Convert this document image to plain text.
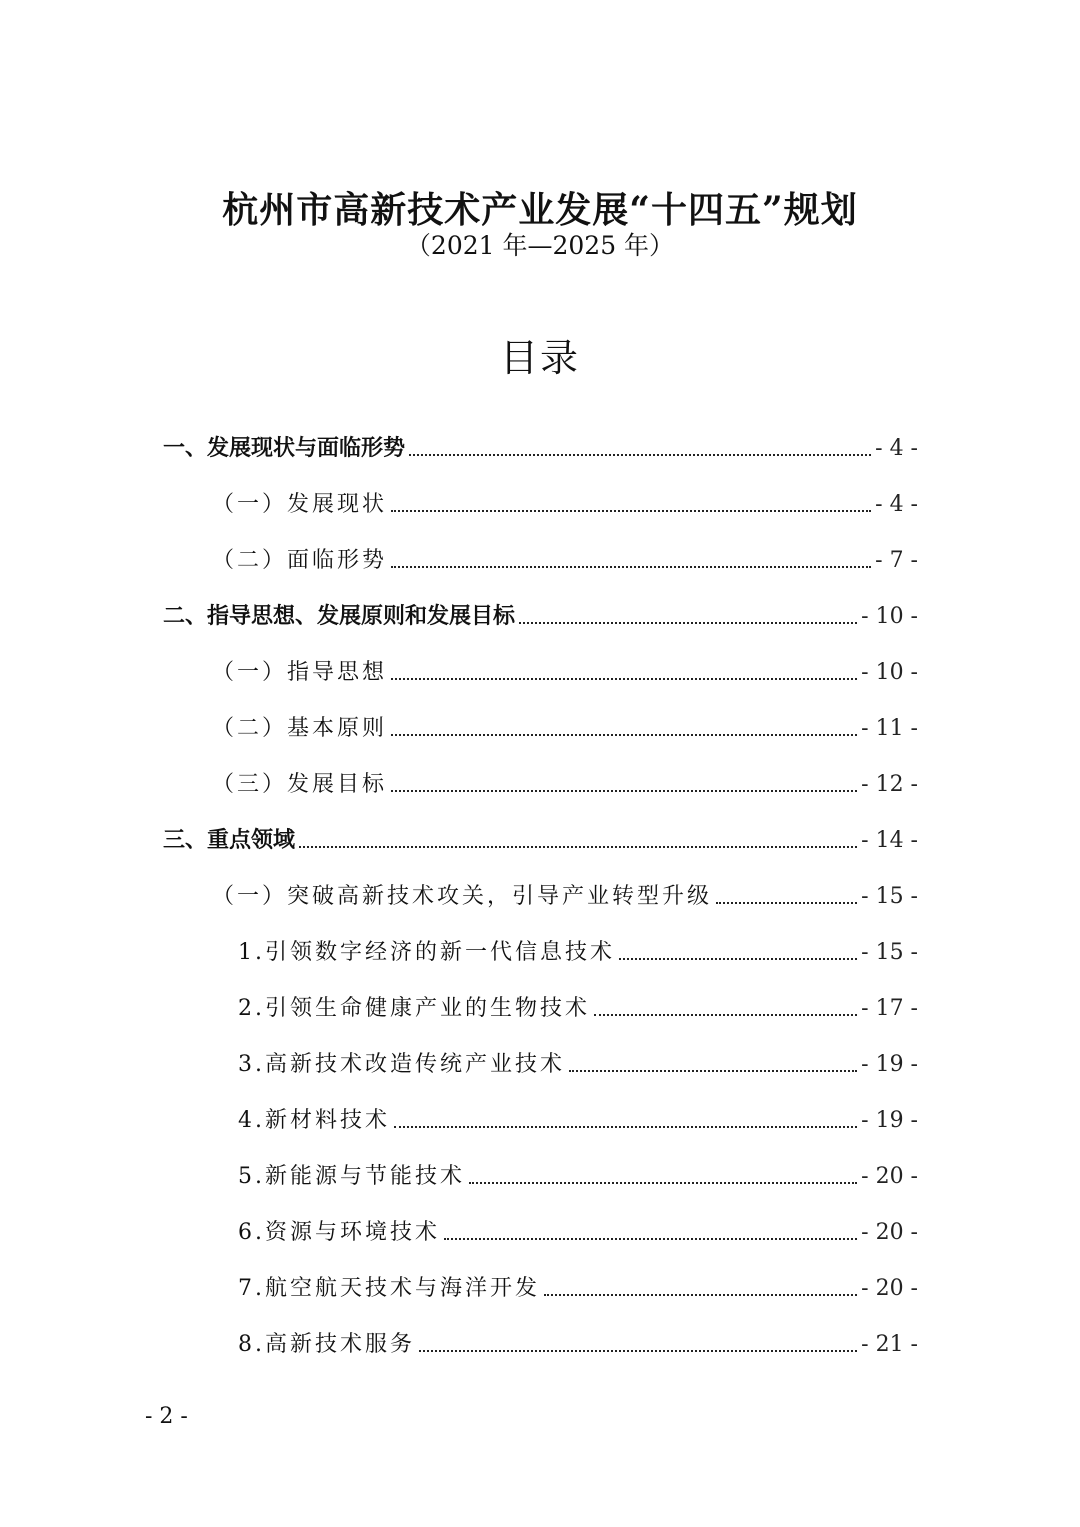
杭州市高新技术产业发展“十四五”规划
（2021 年—2025 年）
目录
一、发展现状与面临形势	- 4 -
（一）发展现状	- 4 -
（二）面临形势	- 7 -
二、指导思想、发展原则和发展目标	- 10 -
（一）指导思想	- 10 -
（二）基本原则	- 11 -
（三）发展目标	- 12 -
三、重点领域	- 14 -
（一）突破高新技术攻关，引导产业转型升级	- 15 -
1.引领数字经济的新一代信息技术	- 15 -
2.引领生命健康产业的生物技术	- 17 -
3.高新技术改造传统产业技术	- 19 -
4.新材料技术	- 19 -
5.新能源与节能技术	- 20 -
6.资源与环境技术	- 20 -
7.航空航天技术与海洋开发	- 20 -
8.高新技术服务	- 21 -
- 2 -
